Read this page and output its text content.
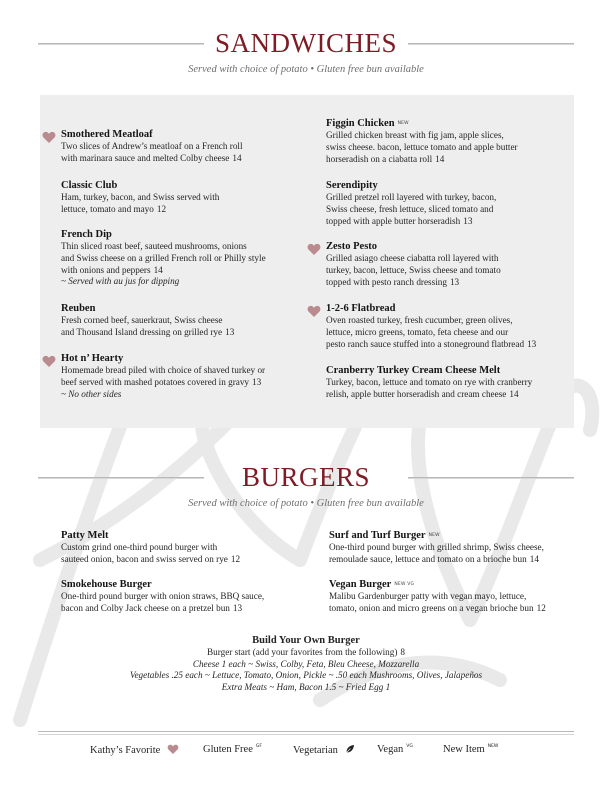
SANDWICHES
Served with choice of potato • Gluten free bun available
Smothered Meatloaf
Two slices of Andrew’s meatloaf on a French roll
with marinara sauce and melted Colby cheese 14
Classic Club
Ham, turkey, bacon, and Swiss served with
lettuce, tomato and mayo 12
French Dip
Thin sliced roast beef, sauteed mushrooms, onions
and Swiss cheese on a grilled French roll or Philly style
with onions and peppers 14
~ Served with au jus for dipping
Reuben
Fresh corned beef, sauerkraut, Swiss cheese
and Thousand Island dressing on grilled rye 13
Hot n’ Hearty
Homemade bread piled with choice of shaved turkey or
beef served with mashed potatoes covered in gravy 13
~ No other sides
Figgin Chicken $^{NEW}$
Grilled chicken breast with fig jam, apple slices,
swiss cheese. bacon, lettuce tomato and apple butter
horseradish on a ciabatta roll 14
Serendipity
Grilled pretzel roll layered with turkey, bacon,
Swiss cheese, fresh lettuce, sliced tomato and
topped with apple butter horseradish 13
Zesto Pesto
Grilled asiago cheese ciabatta roll layered with
turkey, bacon, lettuce, Swiss cheese and tomato
topped with pesto ranch dressing 13
1-2-6 Flatbread
Oven roasted turkey, fresh cucumber, green olives,
lettuce, micro greens, tomato, feta cheese and our
pesto ranch sauce stuffed into a stoneground flatbread 13
Cranberry Turkey Cream Cheese Melt
Turkey, bacon, lettuce and tomato on rye with cranberry
relish, apple butter horseradish and cream cheese 14
BURGERS
Served with choice of potato • Gluten free bun available
Patty Melt
Custom grind one-third pound burger with
sauteed onion, bacon and swiss served on rye 12
Smokehouse Burger
One-third pound burger with onion straws, BBQ sauce,
bacon and Colby Jack cheese on a pretzel bun 13
Surf and Turf Burger $^{NEW}$
One-third pound burger with grilled shrimp, Swiss cheese,
remoulade sauce, lettuce and tomato on a brioche bun 14
Vegan Burger $^{NEW VG}$
Malibu Gardenburger patty with vegan mayo, lettuce,
tomato, onion and micro greens on a vegan brioche bun 12
Build Your Own Burger
Burger start (add your favorites from the following) 8
Cheese 1 each ~ Swiss, Colby, Feta, Bleu Cheese, Mozzarella
Vegetables .25 each ~ Lettuce, Tomato, Onion, Pickle ~ .50 each Mushrooms, Olives, Jalapeños
Extra Meats ~ Ham, Bacon 1.5 ~ Fried Egg 1
Kathy’s Favorite	Gluten Free $^{GF}$	Vegetarian	Vegan $^{VG}$	New Item $^{NEW}$
